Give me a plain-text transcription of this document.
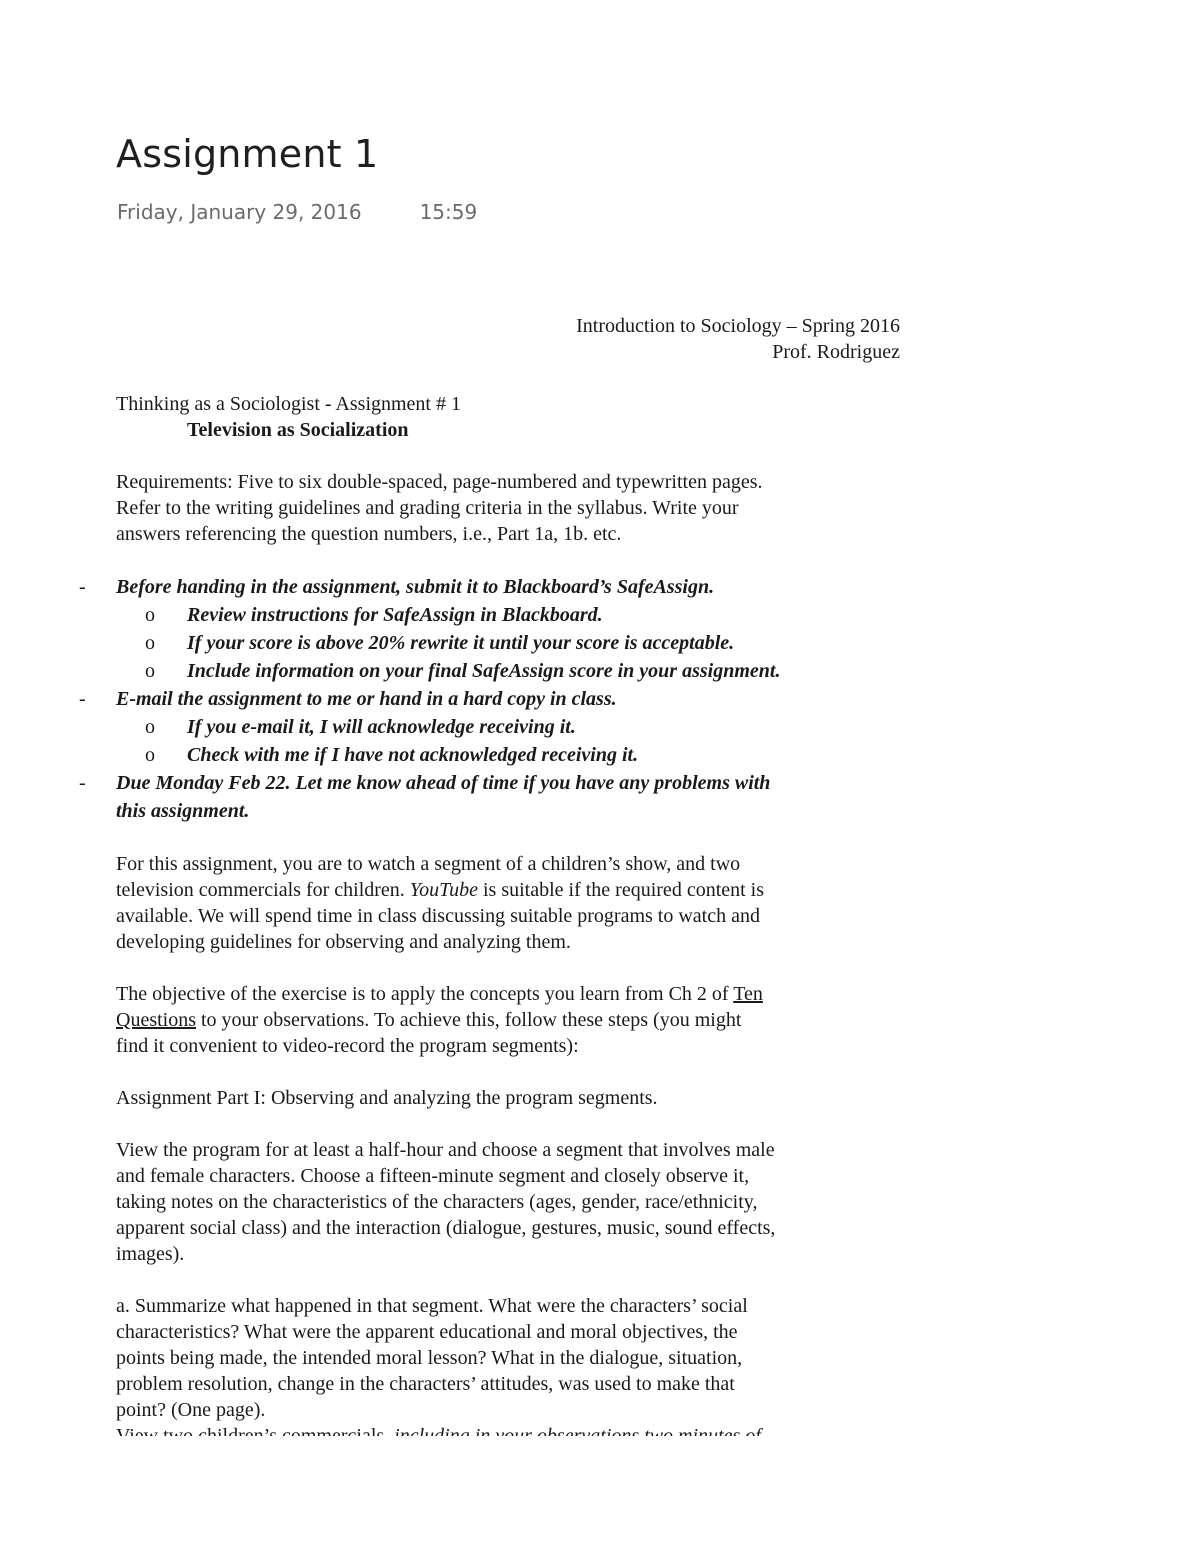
Assignment 1
Friday, January 29, 2016	15:59
Introduction to Sociology – Spring 2016
Prof. Rodriguez
Thinking as a Sociologist - Assignment # 1
Television as Socialization

Requirements: Five to six double-spaced, page-numbered and typewritten pages.
Refer to the writing guidelines and grading criteria in the syllabus. Write your
answers referencing the question numbers, i.e., Part 1a, 1b. etc.

- Before handing in the assignment, submit it to Blackboard’s SafeAssign.
o Review instructions for SafeAssign in Blackboard.
o If your score is above 20% rewrite it until your score is acceptable.
o Include information on your final SafeAssign score in your assignment.
- E-mail the assignment to me or hand in a hard copy in class.
o If you e-mail it, I will acknowledge receiving it.
o Check with me if I have not acknowledged receiving it.
- Due Monday Feb 22. Let me know ahead of time if you have any problems with
this assignment.

For this assignment, you are to watch a segment of a children’s show, and two
television commercials for children. YouTube is suitable if the required content is
available. We will spend time in class discussing suitable programs to watch and
developing guidelines for observing and analyzing them.

The objective of the exercise is to apply the concepts you learn from Ch 2 of Ten
Questions to your observations. To achieve this, follow these steps (you might
find it convenient to video-record the program segments):

Assignment Part I: Observing and analyzing the program segments.

View the program for at least a half-hour and choose a segment that involves male
and female characters. Choose a fifteen-minute segment and closely observe it,
taking notes on the characteristics of the characters (ages, gender, race/ethnicity,
apparent social class) and the interaction (dialogue, gestures, music, sound effects,
images).

a. Summarize what happened in that segment. What were the characters’ social
characteristics? What were the apparent educational and moral objectives, the
points being made, the intended moral lesson? What in the dialogue, situation,
problem resolution, change in the characters’ attitudes, was used to make that
point? (One page).
